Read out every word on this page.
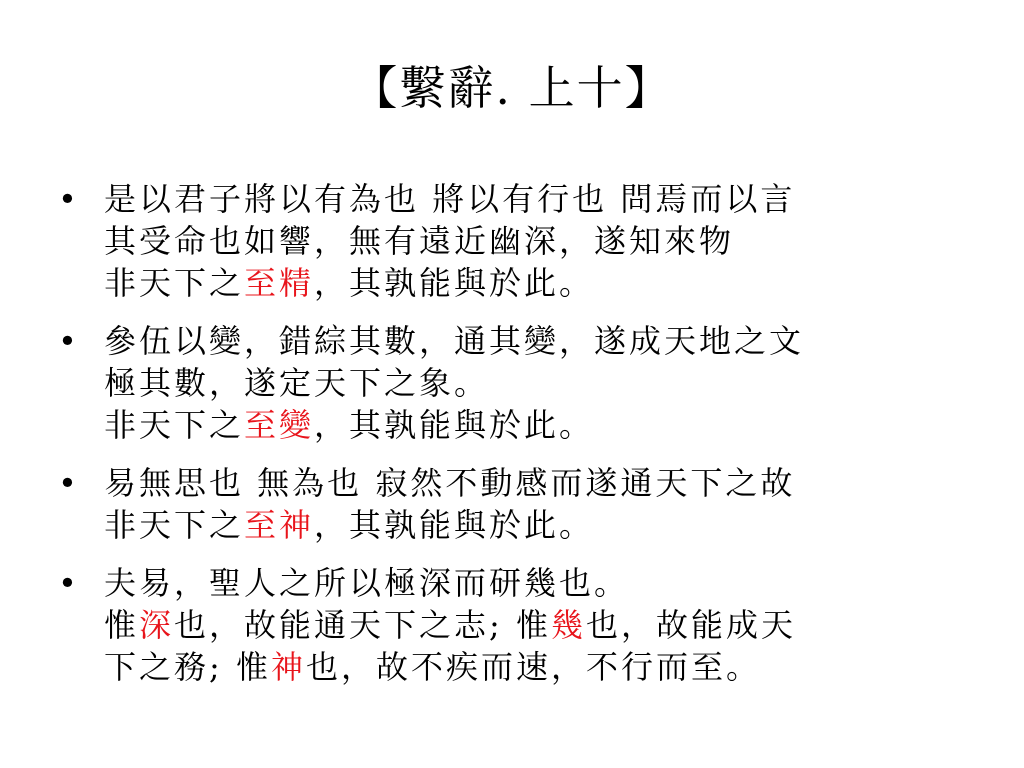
【繫辭. 上十】
• 是以君子將以有為也 將以有行也 問焉而以言
其受命也如響，無有遠近幽深，遂知來物
非天下之至精，其孰能與於此。
• 參伍以變，錯綜其數，通其變，遂成天地之文
極其數，遂定天下之象。
非天下之至變，其孰能與於此。
• 易無思也 無為也 寂然不動感而遂通天下之故
非天下之至神，其孰能與於此。
• 夫易，聖人之所以極深而研幾也。
惟深也，故能通天下之志; 惟幾也，故能成天
下之務; 惟神也，故不疾而速，不行而至。
